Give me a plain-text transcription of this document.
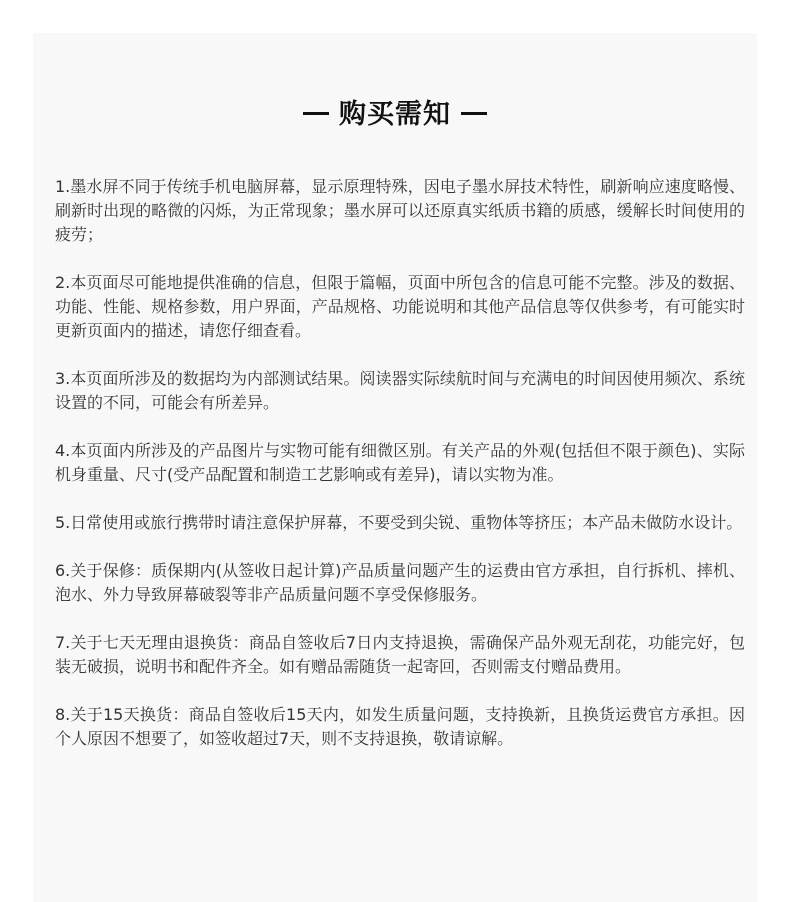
购买需知

1.墨水屏不同于传统手机电脑屏幕，显示原理特殊，因电子墨水屏技术特性，刷新响应速度略慢、刷新时出现的略微的闪烁，为正常现象；墨水屏可以还原真实纸质书籍的质感，缓解长时间使用的疲劳；

2.本页面尽可能地提供准确的信息，但限于篇幅，页面中所包含的信息可能不完整。涉及的数据、功能、性能、规格参数，用户界面，产品规格、功能说明和其他产品信息等仅供参考，有可能实时更新页面内的描述，请您仔细查看。

3.本页面所涉及的数据均为内部测试结果。阅读器实际续航时间与充满电的时间因使用频次、系统设置的不同，可能会有所差异。

4.本页面内所涉及的产品图片与实物可能有细微区别。有关产品的外观(包括但不限于颜色)、实际机身重量、尺寸(受产品配置和制造工艺影响或有差异)，请以实物为准。

5.日常使用或旅行携带时请注意保护屏幕，不要受到尖锐、重物体等挤压；本产品未做防水设计。

6.关于保修：质保期内(从签收日起计算)产品质量问题产生的运费由官方承担，自行拆机、摔机、泡水、外力导致屏幕破裂等非产品质量问题不享受保修服务。

7.关于七天无理由退换货：商品自签收后7日内支持退换，需确保产品外观无刮花，功能完好，包装无破损，说明书和配件齐全。如有赠品需随货一起寄回，否则需支付赠品费用。

8.关于15天换货：商品自签收后15天内，如发生质量问题，支持换新，且换货运费官方承担。因个人原因不想要了，如签收超过7天，则不支持退换，敬请谅解。
